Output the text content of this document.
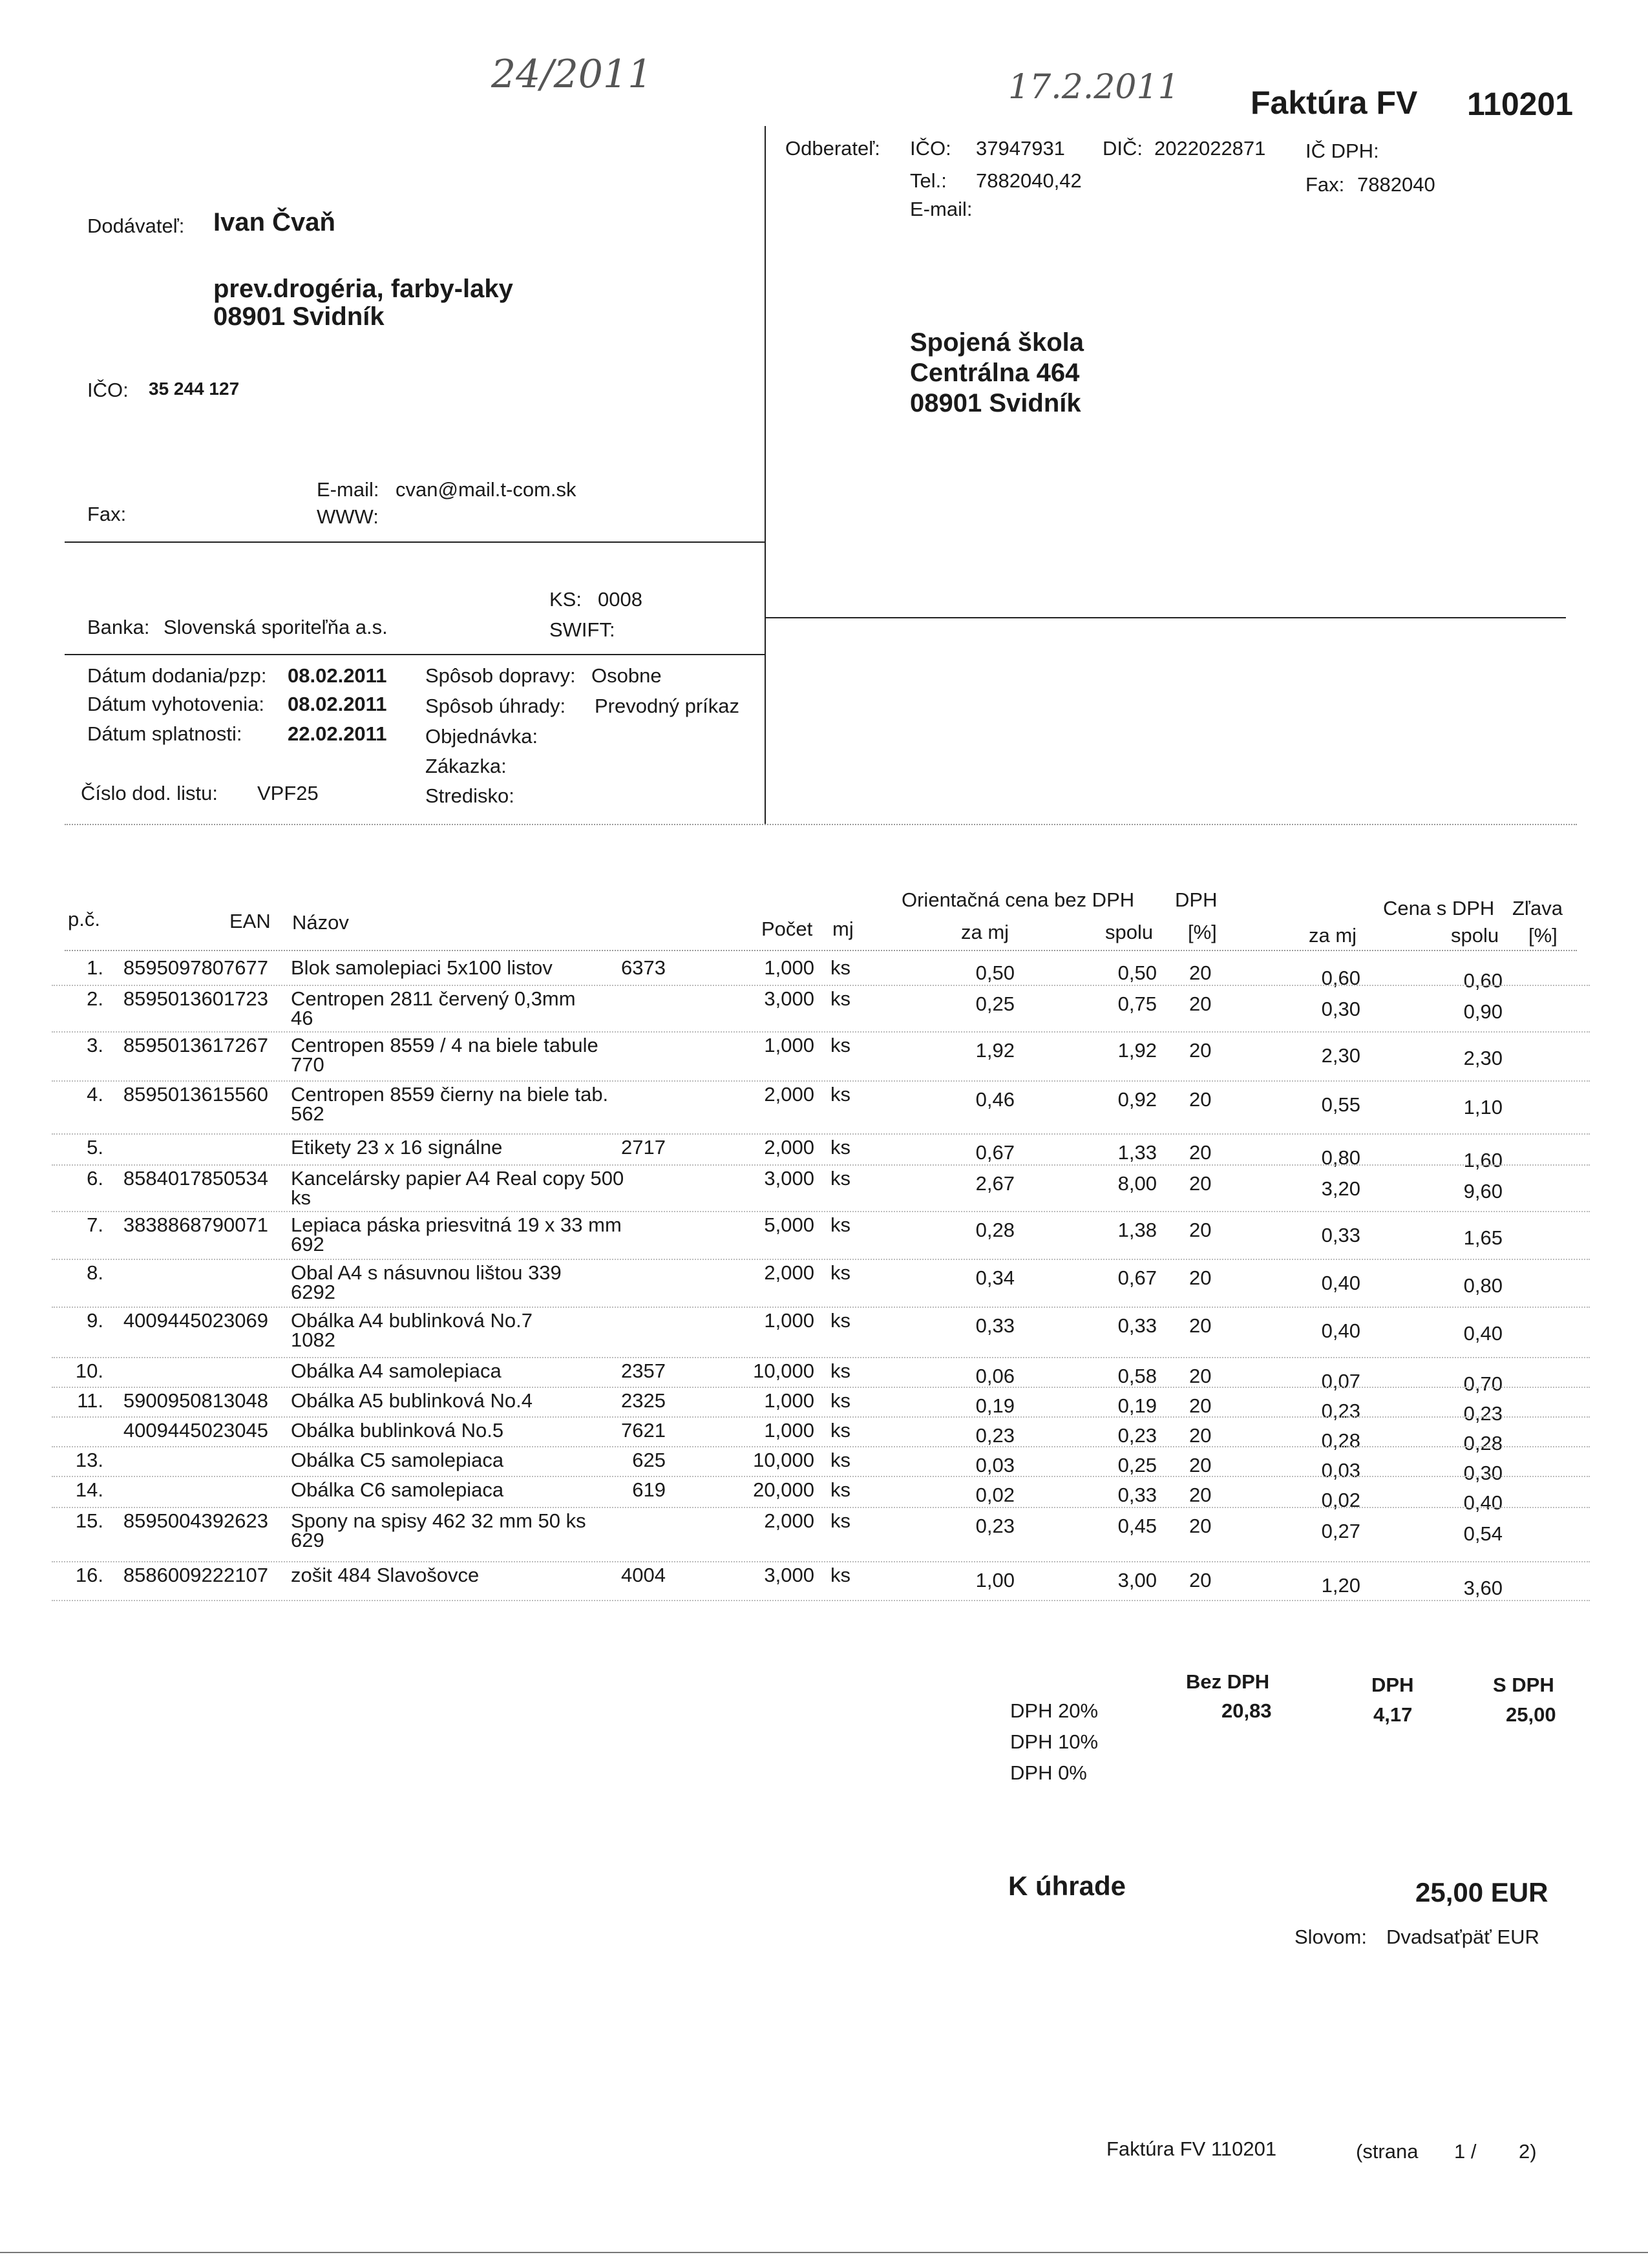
24/2011	17.2.2011 Faktúra FV 110201
Dodávateľ: Ivan Čvaň
prev.drogéria, farby-laky
08901 Svidník
IČO: 35 244 127
Fax:
E-mail: cvan@mail.t-com.sk
WWW:
KS: 0008
Banka: Slovenská sporiteľňa a.s.	SWIFT:
Odberateľ: IČO: 37947931 DIČ: 2022022871 IČ DPH:
Tel.: 7882040,42	Fax: 7882040
E-mail:
Spojená škola
Centrálna 464
08901 Svidník
Dátum dodania/pzp: 08.02.2011
Dátum vyhotovenia: 08.02.2011
Dátum splatnosti: 22.02.2011
Číslo dod. listu: VPF25
Spôsob dopravy: Osobne
Spôsob úhrady: Prevodný príkaz
Objednávka:
Zákazka:
Stredisko:
Orientačná cena bez DPH DPH	Cena s DPH Zľava
p.č.	EAN Názov	Počet mj	za mj	spolu [%]	za mj	spolu [%]
1. 8595097807677 Blok samolepiaci 5x100 listov	6373	1,000 ks	0,50	0,50 20	0,60	0,60
2. 8595013601723 Centropen 2811 červený 0,3mm	3,000 ks	0,25	0,75 20	0,30	0,90
46
3. 8595013617267 Centropen 8559 / 4 na biele tabule	1,000 ks	1,92	1,92 20	2,30	2,30
770
4. 8595013615560 Centropen 8559 čierny na biele tab.	2,000 ks	0,46	0,92 20	0,55	1,10
562
5.	Etikety 23 x 16 signálne	2717	2,000 ks	0,67	1,33 20	0,80	1,60
6. 8584017850534 Kancelársky papier A4 Real copy 500	3,000 ks	2,67	8,00 20	3,20	9,60
ks
7. 3838868790071 Lepiaca páska priesvitná 19 x 33 mm	5,000 ks	0,28	1,38 20	0,33	1,65
692
8.	Obal A4 s násuvnou lištou 339	2,000 ks	0,34	0,67 20	0,40	0,80
6292
9. 4009445023069 Obálka A4 bublinková No.7	1,000 ks	0,33	0,33 20	0,40	0,40
1082
10.	Obálka A4 samolepiaca	2357	10,000 ks	0,06	0,58 20	0,07	0,70
11. 5900950813048 Obálka A5 bublinková No.4	2325	1,000 ks	0,19	0,19 20	0,23	0,23
4009445023045 Obálka bublinková No.5	7621	1,000 ks	0,23	0,23 20	0,28	0,28
13.	Obálka C5 samolepiaca	625	10,000 ks	0,03	0,25 20	0,03	0,30
14.	Obálka C6 samolepiaca	619	20,000 ks	0,02	0,33 20	0,02	0,40
15. 8595004392623 Spony na spisy 462 32 mm 50 ks	2,000 ks	0,23	0,45 20	0,27	0,54
629
16. 8586009222107 zošit 484 Slavošovce	4004	3,000 ks	1,00	3,00 20	1,20	3,60
Bez DPH	DPH	S DPH
DPH 20%	20,83	4,17	25,00
DPH 10%
DPH 0%
K úhrade	25,00 EUR
Slovom: Dvadsaťpäť EUR
Faktúra FV 110201	(strana 1 / 2)
